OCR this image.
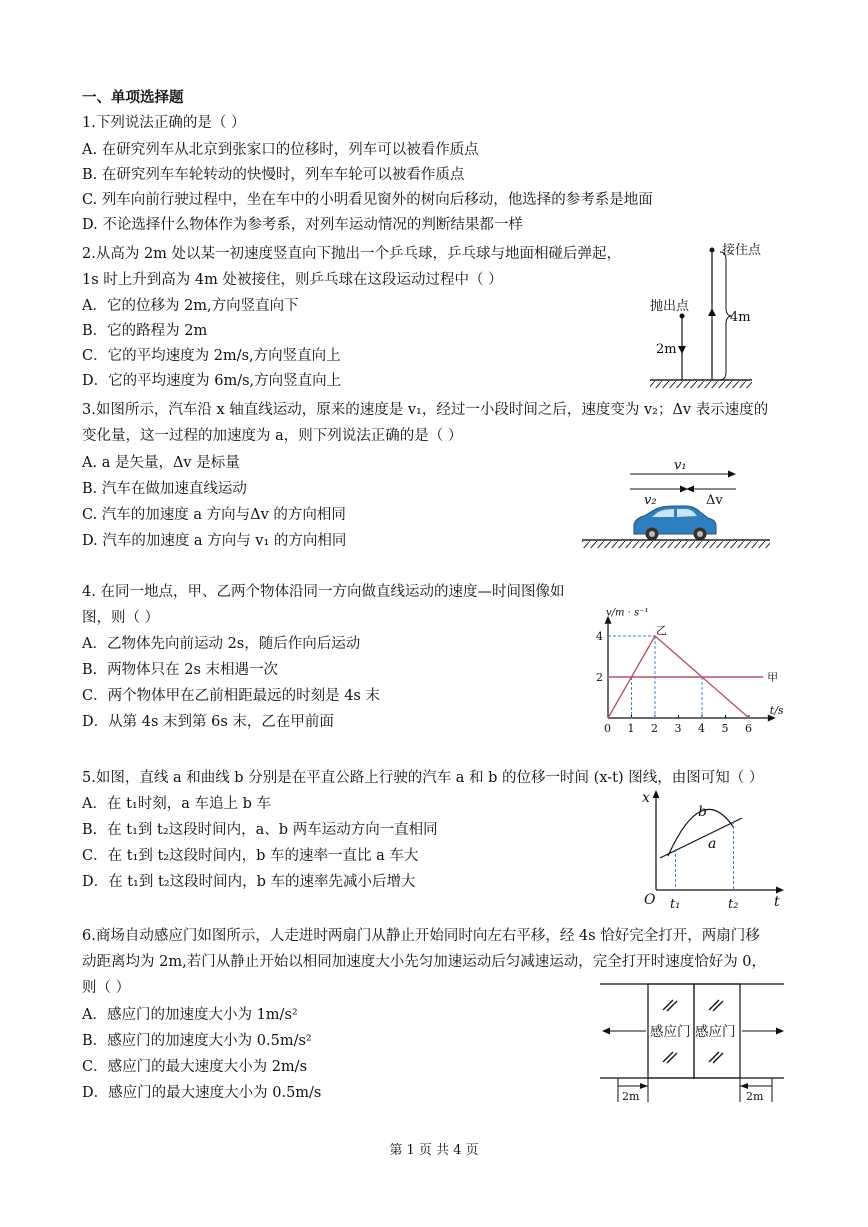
一、单项选择题
1.下列说法正确的是（ ）
A. 在研究列车从北京到张家口的位移时，列车可以被看作质点
B. 在研究列车车轮转动的快慢时，列车车轮可以被看作质点
C. 列车向前行驶过程中，坐在车中的小明看见窗外的树向后移动，他选择的参考系是地面
D. 不论选择什么物体作为参考系，对列车运动情况的判断结果都一样
2.从高为 2m 处以某一初速度竖直向下抛出一个乒乓球，乒乓球与地面相碰后弹起，
1s 时上升到高为 4m 处被接住，则乒乓球在这段运动过程中（ ）
A．它的位移为 2m,方向竖直向下
B．它的路程为 2m
C．它的平均速度为 2m/s,方向竖直向上
D．它的平均速度为 6m/s,方向竖直向上
接住点
抛出点
4m
2m
3.如图所示，汽车沿 x 轴直线运动，原来的速度是 v₁，经过一小段时间之后，速度变为 v₂；Δv 表示速度的
变化量，这一过程的加速度为 a，则下列说法正确的是（ ）
A. a 是矢量，Δv 是标量
B. 汽车在做加速直线运动
C. 汽车的加速度 a 方向与Δv 的方向相同
D. 汽车的加速度 a 方向与 v₁ 的方向相同
v₁
v₂	Δv
4. 在同一地点，甲、乙两个物体沿同一方向做直线运动的速度—时间图像如
图，则（ ）
A．乙物体先向前运动 2s，随后作向后运动
B．两物体只在 2s 末相遇一次
C．两个物体甲在乙前相距最远的时刻是 4s 末
D．从第 4s 末到第 6s 末，乙在甲前面
v/m · s⁻¹
t/s
0 1 2 3 4 5 6
2
4
甲
乙
5.如图，直线 a 和曲线 b 分别是在平直公路上行驶的汽车 a 和 b 的位移一时间 (x-t) 图线，由图可知（ ）
A．在 t₁时刻，a 车追上 b 车
B．在 t₁到 t₂这段时间内，a、b 两车运动方向一直相同
C．在 t₁到 t₂这段时间内，b 车的速率一直比 a 车大
D．在 t₁到 t₂这段时间内，b 车的速率先减小后增大
x
O	t
b
a
t₁	t₂
6.商场自动感应门如图所示，人走进时两扇门从静止开始同时向左右平移，经 4s 恰好完全打开，两扇门移
动距离均为 2m,若门从静止开始以相同加速度大小先匀加速运动后匀减速运动，完全打开时速度恰好为 0，
则（ ）
A．感应门的加速度大小为 1m/s²
B．感应门的加速度大小为 0.5m/s²
C．感应门的最大速度大小为 2m/s
D．感应门的最大速度大小为 0.5m/s
感应门 感应门
2m	2m
第 1 页 共 4 页
